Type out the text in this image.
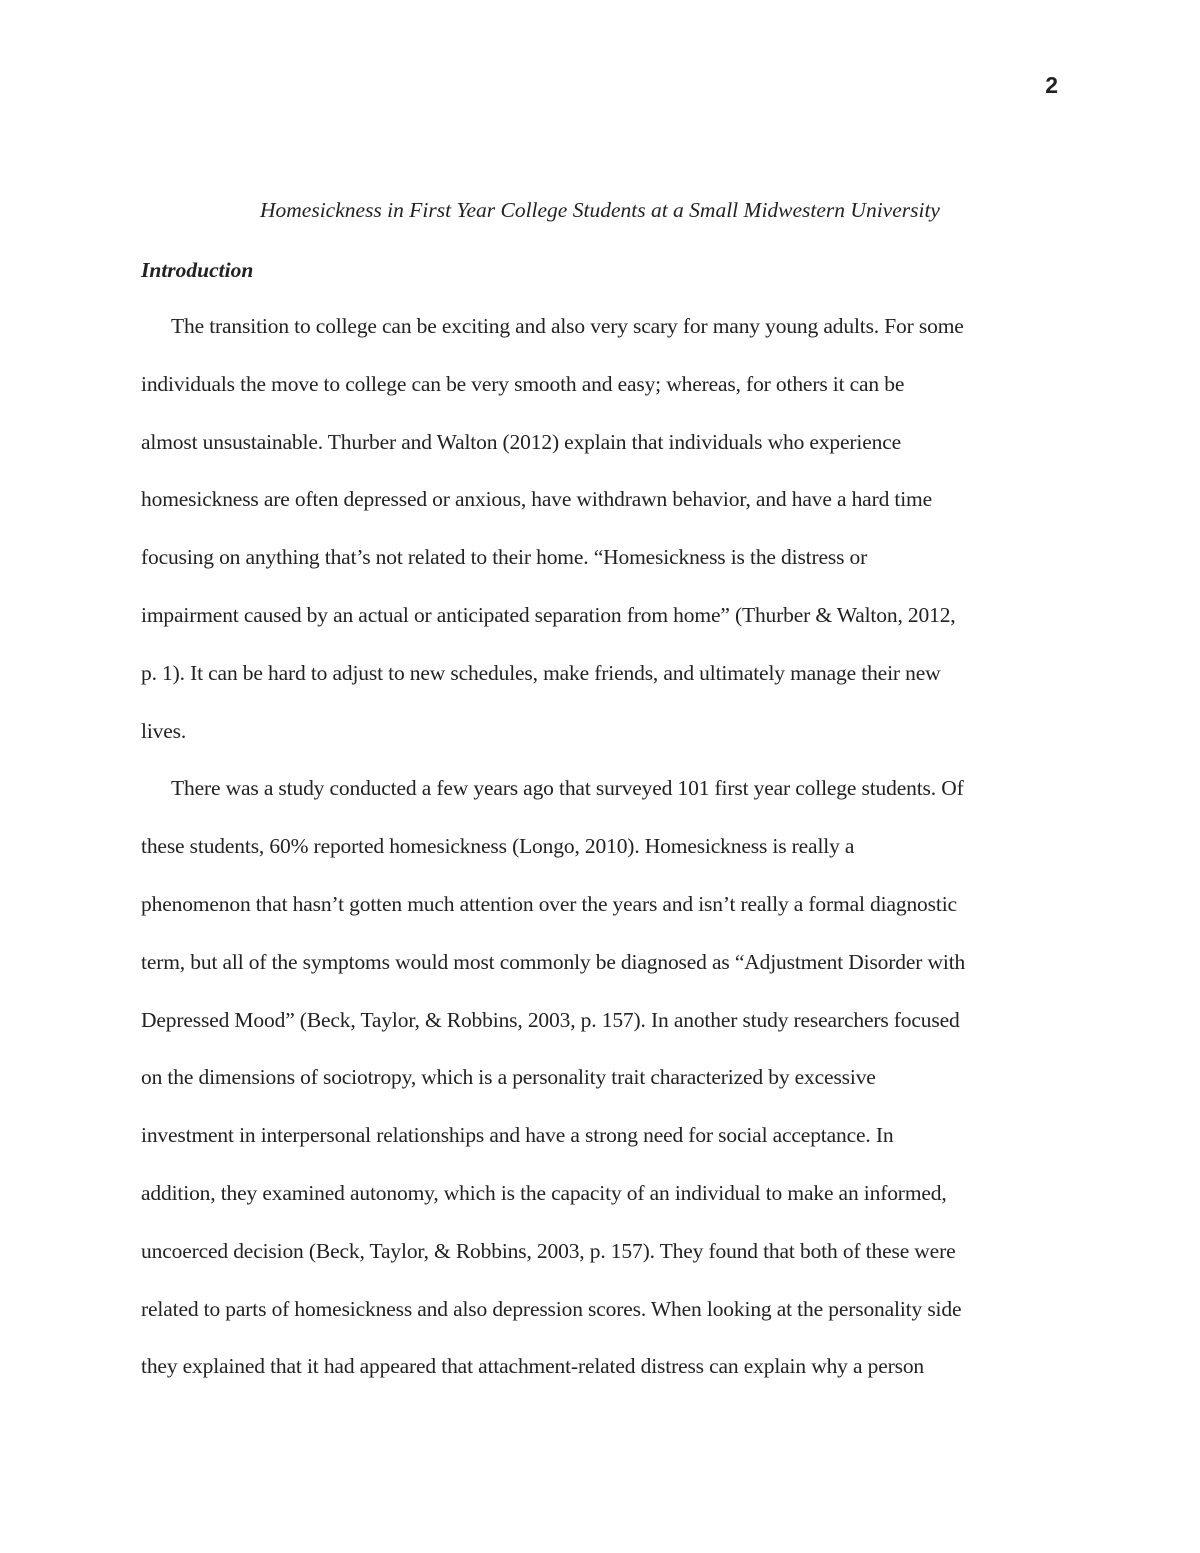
2
Homesickness in First Year College Students at a Small Midwestern University
Introduction
The transition to college can be exciting and also very scary for many young adults. For some
individuals the move to college can be very smooth and easy; whereas, for others it can be
almost unsustainable. Thurber and Walton (2012) explain that individuals who experience
homesickness are often depressed or anxious, have withdrawn behavior, and have a hard time
focusing on anything that’s not related to their home. “Homesickness is the distress or
impairment caused by an actual or anticipated separation from home” (Thurber & Walton, 2012,
p. 1). It can be hard to adjust to new schedules, make friends, and ultimately manage their new
lives.
There was a study conducted a few years ago that surveyed 101 first year college students. Of
these students, 60% reported homesickness (Longo, 2010). Homesickness is really a
phenomenon that hasn’t gotten much attention over the years and isn’t really a formal diagnostic
term, but all of the symptoms would most commonly be diagnosed as “Adjustment Disorder with
Depressed Mood” (Beck, Taylor, & Robbins, 2003, p. 157). In another study researchers focused
on the dimensions of sociotropy, which is a personality trait characterized by excessive
investment in interpersonal relationships and have a strong need for social acceptance. In
addition, they examined autonomy, which is the capacity of an individual to make an informed,
uncoerced decision (Beck, Taylor, & Robbins, 2003, p. 157). They found that both of these were
related to parts of homesickness and also depression scores. When looking at the personality side
they explained that it had appeared that attachment-related distress can explain why a person
